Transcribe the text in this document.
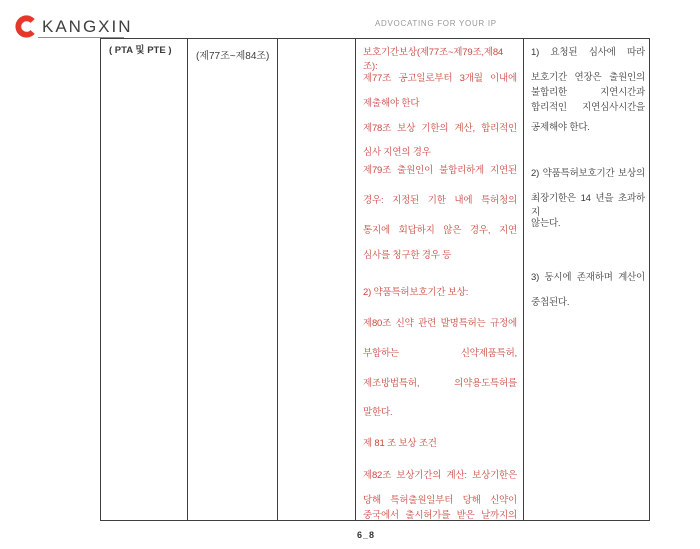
KANGXIN	ADVOCATING FOR YOUR IP
( PTA 및 PTE )
(제77조~제84조)	보호기간보상(제77조~제79조,제84조):
제77조 공고일로부터 3개월 이내에
제출해야 한다
제78조 보상 기한의 계산, 합리적인
심사 지연의 경우
제79조 출원인이 불합리하게 지연된
경우: 지정된 기한 내에 특허청의
통지에 회답하지 않은 경우, 지연
심사를 청구한 경우 등
2) 약품특허보호기간 보상:
제80조 신약 관련 발명특허는 규정에
부합하는 신약제품특허,
제조방법특허, 의약용도특허를
말한다.
제 81 조 보상 조건
제82조 보상기간의 계산: 보상기한은
당해 특허출원일부터 당해 신약이
중국에서 출시허가를 받은 날까지의
1) 요청된 심사에 따라
보호기간 연장은 출원인의
불합리한 지연시간과
합리적인 지연심사시간을
공제해야 한다.
2) 약품특허보호기간 보상의
최장기한은 14 년을 초과하지
않는다.
3) 동시에 존재하며 계산이
중첩된다.
6_8
